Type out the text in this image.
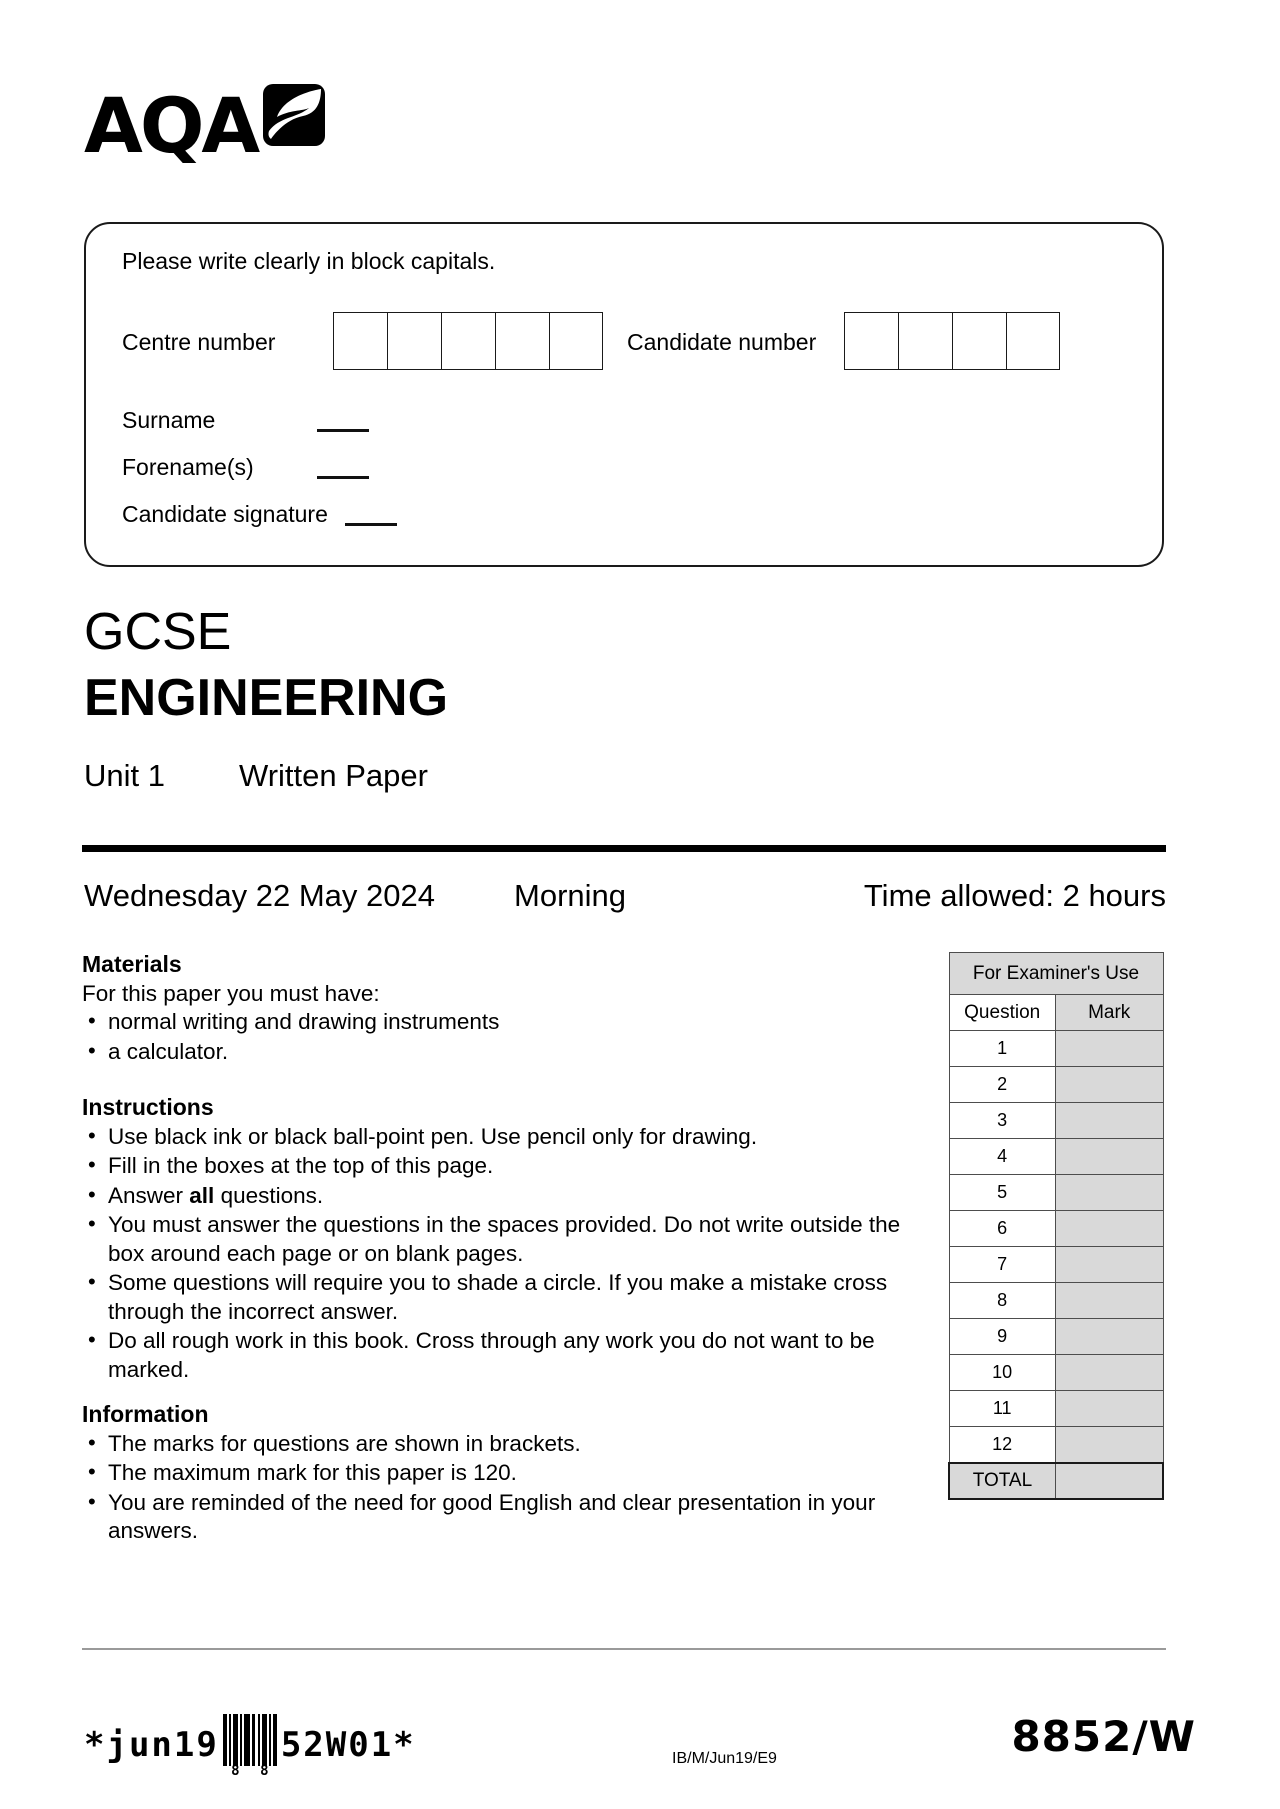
AQA
Please write clearly in block capitals.
Centre number	Candidate number
Surname
Forename(s)
Candidate signature
GCSE
ENGINEERING
Unit 1 Written Paper
Wednesday 22 May 2024	Morning	Time allowed: 2 hours

Materials

For this paper you must have:

• normal writing and drawing instruments
• a calculator.

Instructions

• Use black ink or black ball-point pen. Use pencil only for drawing.
• Fill in the boxes at the top of this page.
• Answer all questions.
• You must answer the questions in the spaces provided. Do not write outside the box around each page or on blank pages.
• Some questions will require you to shade a circle. If you make a mistake cross through the incorrect answer.
• Do all rough work in this book. Cross through any work you do not want to be marked.

Information

• The marks for questions are shown in brackets.
• The maximum mark for this paper is 120.
• You are reminded of the need for good English and clear presentation in your answers.
For Examiner's Use	
Question	Mark
1	
2	
3	
4	
5	
6	
7	
8	
9	
10	
11	
12	
TOTAL	
*jun19
8 8
52W01*	IB/M/Jun19/E9	8852/W
